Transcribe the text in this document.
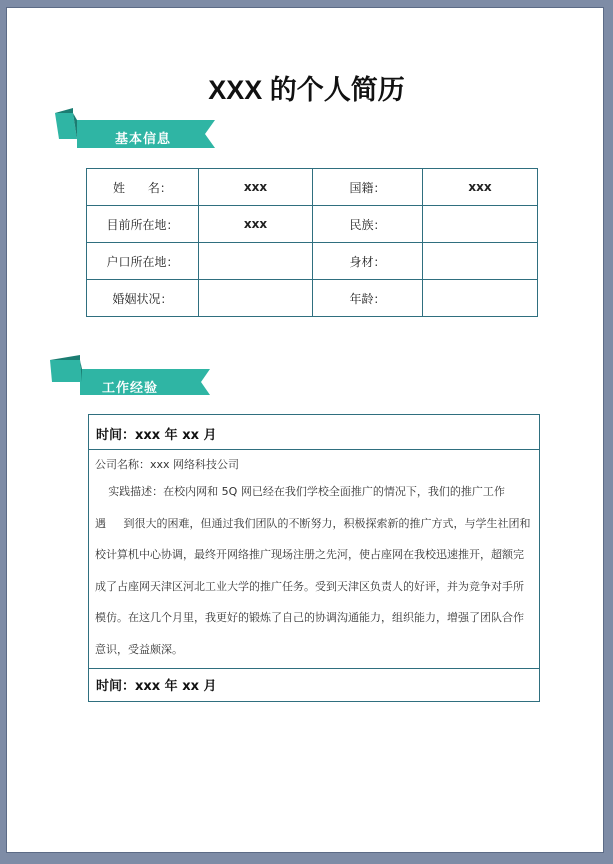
XXX 的个人简历
基本信息
姓      名：	xxx	国籍：	xxx
目前所在地：	xxx	民族：	
户口所在地：		身材：	
婚姻状况：		年龄：	
工作经验
时间：xxx 年 xx 月
公司名称：xxx 网络科技公司
实践描述：在校内网和 5Q 网已经在我们学校全面推广的情况下，我们的推广工作遇     到很大的困难，但通过我们团队的不断努力，积极探索新的推广方式，与学生社团和校计算机中心协调，最终开网络推广现场注册之先河，使占座网在我校迅速推开，超额完成了占座网天津区河北工业大学的推广任务。受到天津区负责人的好评，并为竞争对手所模仿。在这几个月里，我更好的锻炼了自己的协调沟通能力，组织能力，增强了团队合作意识，受益颇深。
时间：xxx 年 xx 月
